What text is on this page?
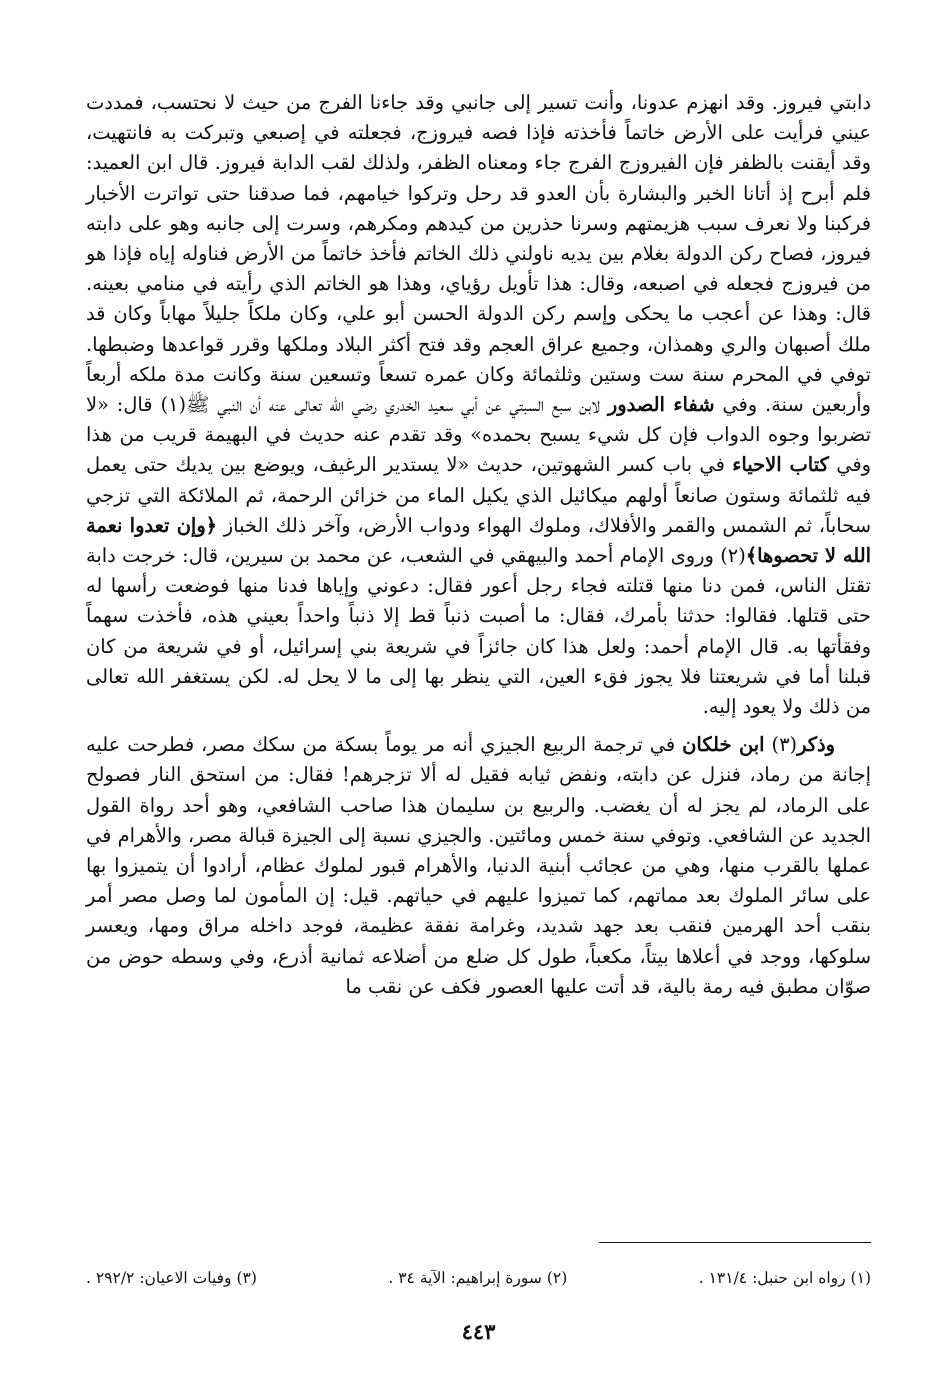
دابتي فيروز. وقد انهزم عدونا، وأنت تسير إلى جانبي وقد جاءنا الفرج من حيث لا نحتسب، فمددت عيني فرأيت على الأرض خاتماً فأخذته فإذا فصه فيروزج، فجعلته في إصبعي وتبركت به فانتهيت، وقد أيقنت بالظفر فإن الفيروزج الفرج جاء ومعناه الظفر، ولذلك لقب الدابة فيروز. قال ابن العميد: فلم أبرح إذ أتانا الخبر والبشارة بأن العدو قد رحل وتركوا خيامهم، فما صدقنا حتى تواترت الأخبار فركبنا ولا نعرف سبب هزيمتهم وسرنا حذرين من كيدهم ومكرهم، وسرت إلى جانبه وهو على دابته فيروز، فصاح ركن الدولة بغلام بين يديه ناولني ذلك الخاتم فأخذ خاتماً من الأرض فناوله إياه فإذا هو من فيروزج فجعله في اصبعه، وقال: هذا تأويل رؤياي، وهذا هو الخاتم الذي رأيته في منامي بعينه. قال: وهذا عن أعجب ما يحكى وإسم ركن الدولة الحسن أبو علي، وكان ملكاً جليلاً مهاباً وكان قد ملك أصبهان والري وهمذان، وجميع عراق العجم وقد فتح أكثر البلاد وملكها وقرر قواعدها وضبطها. توفي في المحرم سنة ست وستين وثلثمائة وكان عمره تسعاً وتسعين سنة وكانت مدة ملكه أربعاً وأربعين سنة. وفي شفاء الصدور لابن سبع السبتي عن أبي سعيد الخدري رضي الله تعالى عنه أن النبي ﷺ(١) قال: «لا تضربوا وجوه الدواب فإن كل شيء يسبح بحمده» وقد تقدم عنه حديث في البهيمة قريب من هذا وفي كتاب الاحياء في باب كسر الشهوتين، حديث «لا يستدير الرغيف، ويوضع بين يديك حتى يعمل فيه ثلثمائة وستون صانعاً أولهم ميكائيل الذي يكيل الماء من خزائن الرحمة، ثم الملائكة التي تزجي سحاباً، ثم الشمس والقمر والأفلاك، وملوك الهواء ودواب الأرض، وآخر ذلك الخباز ﴿وإن تعدوا نعمة الله لا تحصوها﴾(٢) وروى الإمام أحمد والبيهقي في الشعب، عن محمد بن سيرين، قال: خرجت دابة تقتل الناس، فمن دنا منها قتلته فجاء رجل أعور فقال: دعوني وإياها فدنا منها فوضعت رأسها له حتى قتلها. فقالوا: حدثنا بأمرك، فقال: ما أصبت ذنباً قط إلا ذنباً واحداً بعيني هذه، فأخذت سهماً وفقأتها به. قال الإمام أحمد: ولعل هذا كان جائزاً في شريعة بني إسرائيل، أو في شريعة من كان قبلنا أما في شريعتنا فلا يجوز فقء العين، التي ينظر بها إلى ما لا يحل له. لكن يستغفر الله تعالى من ذلك ولا يعود إليه.

وذكر(٣) ابن خلكان في ترجمة الربيع الجيزي أنه مر يوماً بسكة من سكك مصر، فطرحت عليه إجانة من رماد، فنزل عن دابته، ونفض ثيابه فقيل له ألا تزجرهم! فقال: من استحق النار فصولح على الرماد، لم يجز له أن يغضب. والربيع بن سليمان هذا صاحب الشافعي، وهو أحد رواة القول الجديد عن الشافعي. وتوفي سنة خمس ومائتين. والجيزي نسبة إلى الجيزة قبالة مصر، والأهرام في عملها بالقرب منها، وهي من عجائب أبنية الدنيا، والأهرام قبور لملوك عظام، أرادوا أن يتميزوا بها على سائر الملوك بعد مماتهم، كما تميزوا عليهم في حياتهم. قيل: إن المأمون لما وصل مصر أمر بنقب أحد الهرمين فنقب بعد جهد شديد، وغرامة نفقة عظيمة، فوجد داخله مراق ومها، ويعسر سلوكها، ووجد في أعلاها بيتاً، مكعباً، طول كل ضلع من أضلاعه ثمانية أذرع، وفي وسطه حوض من صوّان مطبق فيه رمة بالية، قد أتت عليها العصور فكف عن نقب ما

(١) رواه ابن حنبل: ١٣١/٤ .
(٢) سورة إبراهيم: الآية ٣٤ .
(٣) وفيات الاعيان: ٢٩٢/٢ .
٤٤٣
